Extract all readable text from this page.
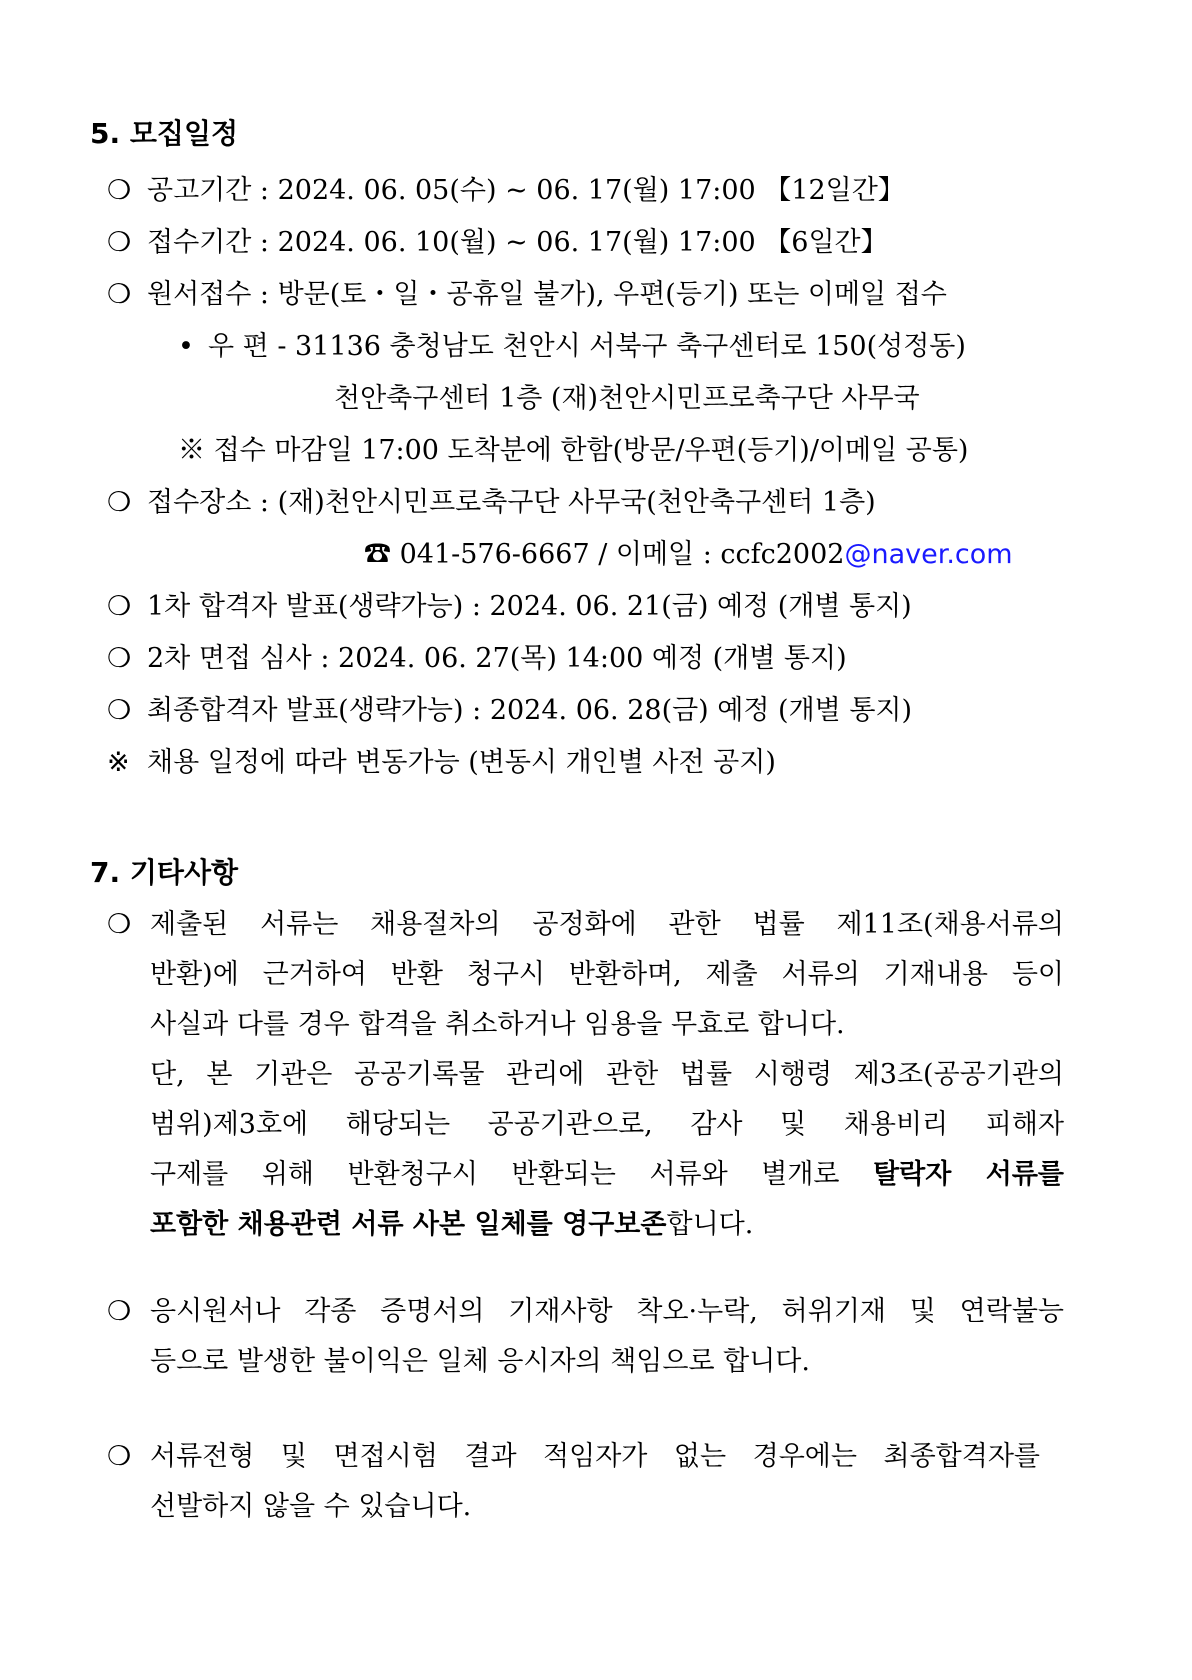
5. 모집일정
❍ 공고기간 : 2024. 06. 05(수) ~ 06. 17(월) 17:00 【12일간】
❍ 접수기간 : 2024. 06. 10(월) ~ 06. 17(월) 17:00 【6일간】
❍ 원서접수 : 방문(토・일・공휴일 불가), 우편(등기) 또는 이메일 접수
• 우 편 - 31136 충청남도 천안시 서북구 축구센터로 150(성정동)
천안축구센터 1층 (재)천안시민프로축구단 사무국
※ 접수 마감일 17:00 도착분에 한함(방문/우편(등기)/이메일 공통)
❍ 접수장소 : (재)천안시민프로축구단 사무국(천안축구센터 1층)
☎ 041-576-6667 / 이메일 : ccfc2002@naver.com
❍ 1차 합격자 발표(생략가능) : 2024. 06. 21(금) 예정 (개별 통지)
❍ 2차 면접 심사 : 2024. 06. 27(목) 14:00 예정 (개별 통지)
❍ 최종합격자 발표(생략가능) : 2024. 06. 28(금) 예정 (개별 통지)
※ 채용 일정에 따라 변동가능 (변동시 개인별 사전 공지)
7. 기타사항
❍ 제출된 서류는 채용절차의 공정화에 관한 법률 제11조(채용서류의
반환)에 근거하여 반환 청구시 반환하며, 제출 서류의 기재내용 등이
사실과 다를 경우 합격을 취소하거나 임용을 무효로 합니다.
단, 본 기관은 공공기록물 관리에 관한 법률 시행령 제3조(공공기관의
범위)제3호에 해당되는 공공기관으로, 감사 및 채용비리 피해자
구제를 위해 반환청구시 반환되는 서류와 별개로 탈락자 서류를
포함한 채용관련 서류 사본 일체를 영구보존합니다.
❍ 응시원서나 각종 증명서의 기재사항 착오·누락, 허위기재 및 연락불능
등으로 발생한 불이익은 일체 응시자의 책임으로 합니다.
❍ 서류전형 및 면접시험 결과 적임자가 없는 경우에는 최종합격자를
선발하지 않을 수 있습니다.
